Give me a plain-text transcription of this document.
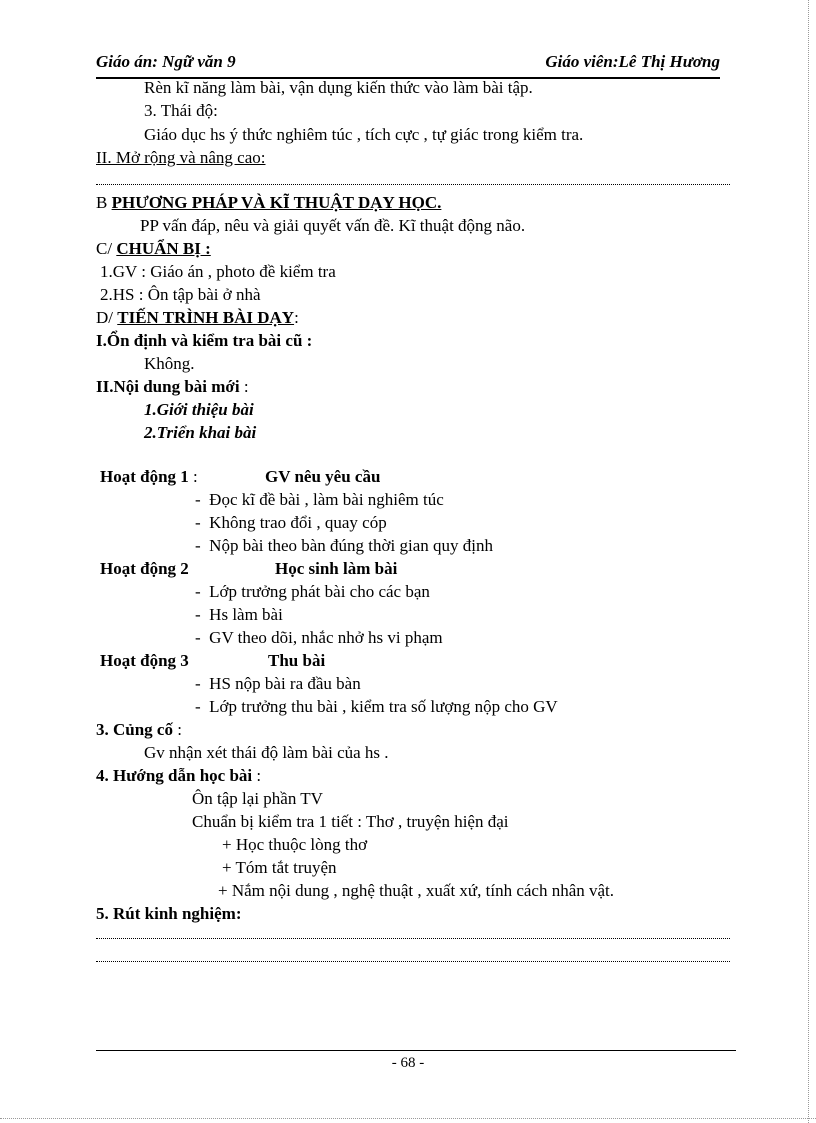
Giáo án: Ngữ văn 9	Giáo viên:Lê Thị Hương
Rèn kĩ năng làm bài, vận dụng kiến thức vào làm bài tập.
3. Thái độ:
Giáo dục hs ý thức nghiêm túc , tích cực , tự giác trong kiểm tra.
II. Mở rộng và nâng cao:
B PHƯƠNG PHÁP VÀ KĨ THUẬT DẠY HỌC.
PP vấn đáp, nêu và giải quyết vấn đề. Kĩ thuật động não.
C/ CHUẨN BỊ :
1.GV : Giáo án , photo đề kiểm tra
2.HS : Ôn tập bài ở nhà
D/ TIẾN TRÌNH BÀI DẠY:
I.Ổn định và kiểm tra bài cũ :
Không.
II.Nội dung bài mới :
1.Giới thiệu bài
2.Triển khai bài
Hoạt động 1 :	GV nêu yêu cầu
- Đọc kĩ đề bài , làm bài nghiêm túc
- Không trao đổi , quay cóp
- Nộp bài theo bàn đúng thời gian quy định
Hoạt động 2	Học sinh làm bài
- Lớp trưởng phát bài cho các bạn
- Hs làm bài
- GV theo dõi, nhắc nhở hs vi phạm
Hoạt động 3	Thu bài
- HS nộp bài ra đầu bàn
- Lớp trưởng thu bài , kiểm tra số lượng nộp cho GV
3. Củng cố :
Gv nhận xét thái độ làm bài của hs .
4. Hướng dẫn học bài :
Ôn tập lại phần TV
Chuẩn bị kiểm tra 1 tiết : Thơ , truyện hiện đại
+ Học thuộc lòng thơ
+ Tóm tắt truyện
+ Nắm nội dung , nghệ thuật , xuất xứ, tính cách nhân vật.
5. Rút kinh nghiệm:
- 68 -
